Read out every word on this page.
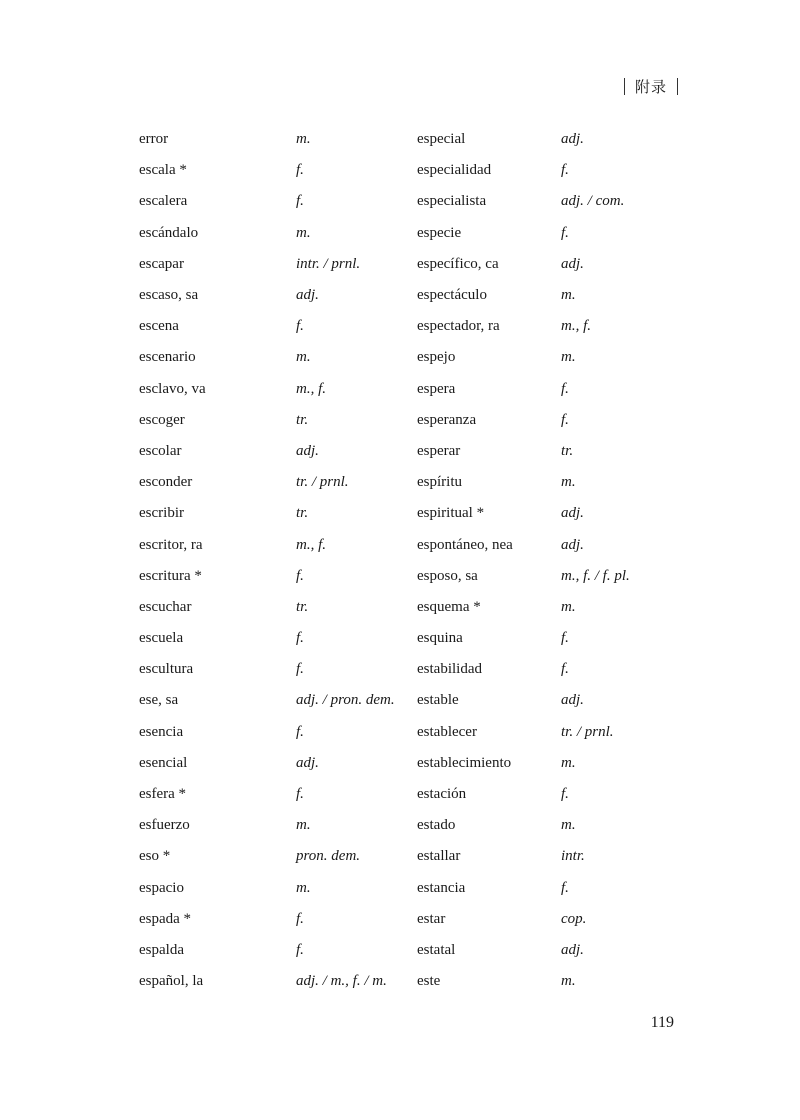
附录
error	m.	especial	adj.
escala *	f.	especialidad	f.
escalera	f.	especialista	adj. / com.
escándalo	m.	especie	f.
escapar	intr. / prnl.	específico, ca	adj.
escaso, sa	adj.	espectáculo	m.
escena	f.	espectador, ra	m., f.
escenario	m.	espejo	m.
esclavo, va	m., f.	espera	f.
escoger	tr.	esperanza	f.
escolar	adj.	esperar	tr.
esconder	tr. / prnl.	espíritu	m.
escribir	tr.	espiritual *	adj.
escritor, ra	m., f.	espontáneo, nea	adj.
escritura *	f.	esposo, sa	m., f. / f. pl.
escuchar	tr.	esquema *	m.
escuela	f.	esquina	f.
escultura	f.	estabilidad	f.
ese, sa	adj. / pron. dem.	estable	adj.
esencia	f.	establecer	tr. / prnl.
esencial	adj.	establecimiento	m.
esfera *	f.	estación	f.
esfuerzo	m.	estado	m.
eso *	pron. dem.	estallar	intr.
espacio	m.	estancia	f.
espada *	f.	estar	cop.
espalda	f.	estatal	adj.
español, la	adj. / m., f. / m.	este	m.
119
